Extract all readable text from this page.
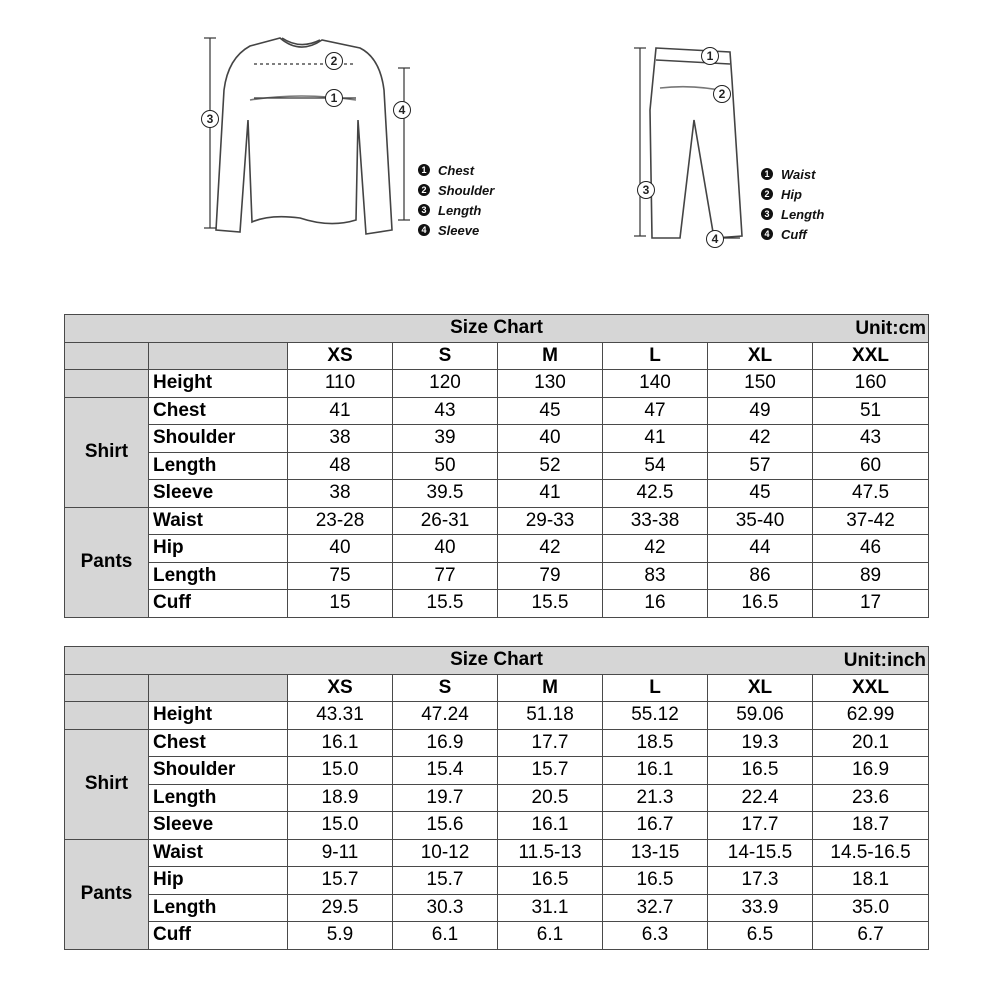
2
1
3
4
1
2
3
4
1 Chest
2 Shoulder
3 Length
4 Sleeve
1 Waist
2 Hip
3 Length
4 Cuff
Size Chart Unit:cm							

		XS	S	M	L	XL	XXL
	Height	110	120	130	140	150	160
Shirt	Chest	41	43	45	47	49	51
	Shoulder	38	39	40	41	42	43
	Length	48	50	52	54	57	60
	Sleeve	38	39.5	41	42.5	45	47.5
Pants	Waist	23-28	26-31	29-33	33-38	35-40	37-42
	Hip	40	40	42	42	44	46
	Length	75	77	79	83	86	89
	Cuff	15	15.5	15.5	16	16.5	17
Size Chart Unit:inch							

		XS	S	M	L	XL	XXL
	Height	43.31	47.24	51.18	55.12	59.06	62.99
Shirt	Chest	16.1	16.9	17.7	18.5	19.3	20.1
	Shoulder	15.0	15.4	15.7	16.1	16.5	16.9
	Length	18.9	19.7	20.5	21.3	22.4	23.6
	Sleeve	15.0	15.6	16.1	16.7	17.7	18.7
Pants	Waist	9-11	10-12	11.5-13	13-15	14-15.5	14.5-16.5
	Hip	15.7	15.7	16.5	16.5	17.3	18.1
	Length	29.5	30.3	31.1	32.7	33.9	35.0
	Cuff	5.9	6.1	6.1	6.3	6.5	6.7
